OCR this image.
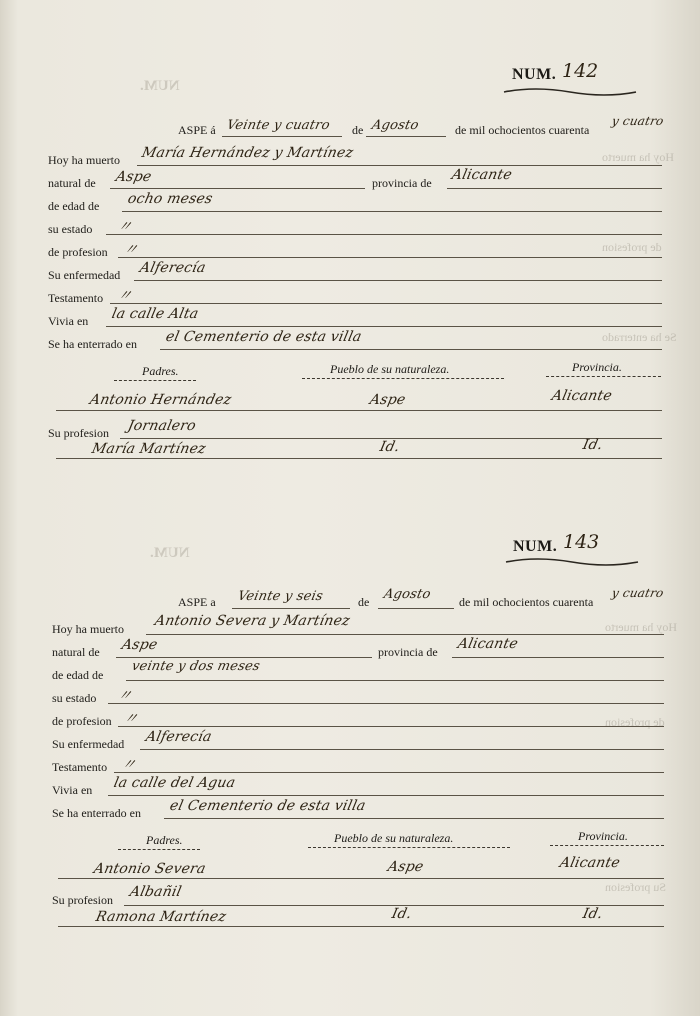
NUM.
Hoy ha muerto
de profesion
Se ha enterrado
NUM.
Hoy ha muerto
de profesion
Su profesion
NUM. 142
ASPE á Veinte y cuatro de Agosto	de mil ochocientos cuarenta
y cuatro
Hoy ha muerto María Hernández y Martínez
natural de Aspe	provincia de Alicante
de edad de ocho meses
su estado 〃
de profesion 〃
Su enfermedad Alferecía
Testamento 〃
Vivia en la calle Alta
Se ha enterrado en el Cementerio de esta villa
Padres.	Pueblo de su naturaleza.	Provincia.
Antonio Hernández	Aspe	Alicante
Su profesion Jornalero
María Martínez	Id.	Id.
NUM. 143
ASPE a Veinte y seis	de Agosto de mil ochocientos cuarenta
y cuatro
Hoy ha muerto Antonio Severa y Martínez
natural de Aspe	provincia de Alicante
de edad de
veinte y dos meses
su estado 〃
de profesion 〃
Su enfermedad Alferecía
Testamento 〃
Vivia en la calle del Agua
Se ha enterrado en el Cementerio de esta villa
Padres.	Pueblo de su naturaleza.	Provincia.
Antonio Severa	Aspe	Alicante
Su profesion Albañil
Ramona Martínez	Id.	Id.
